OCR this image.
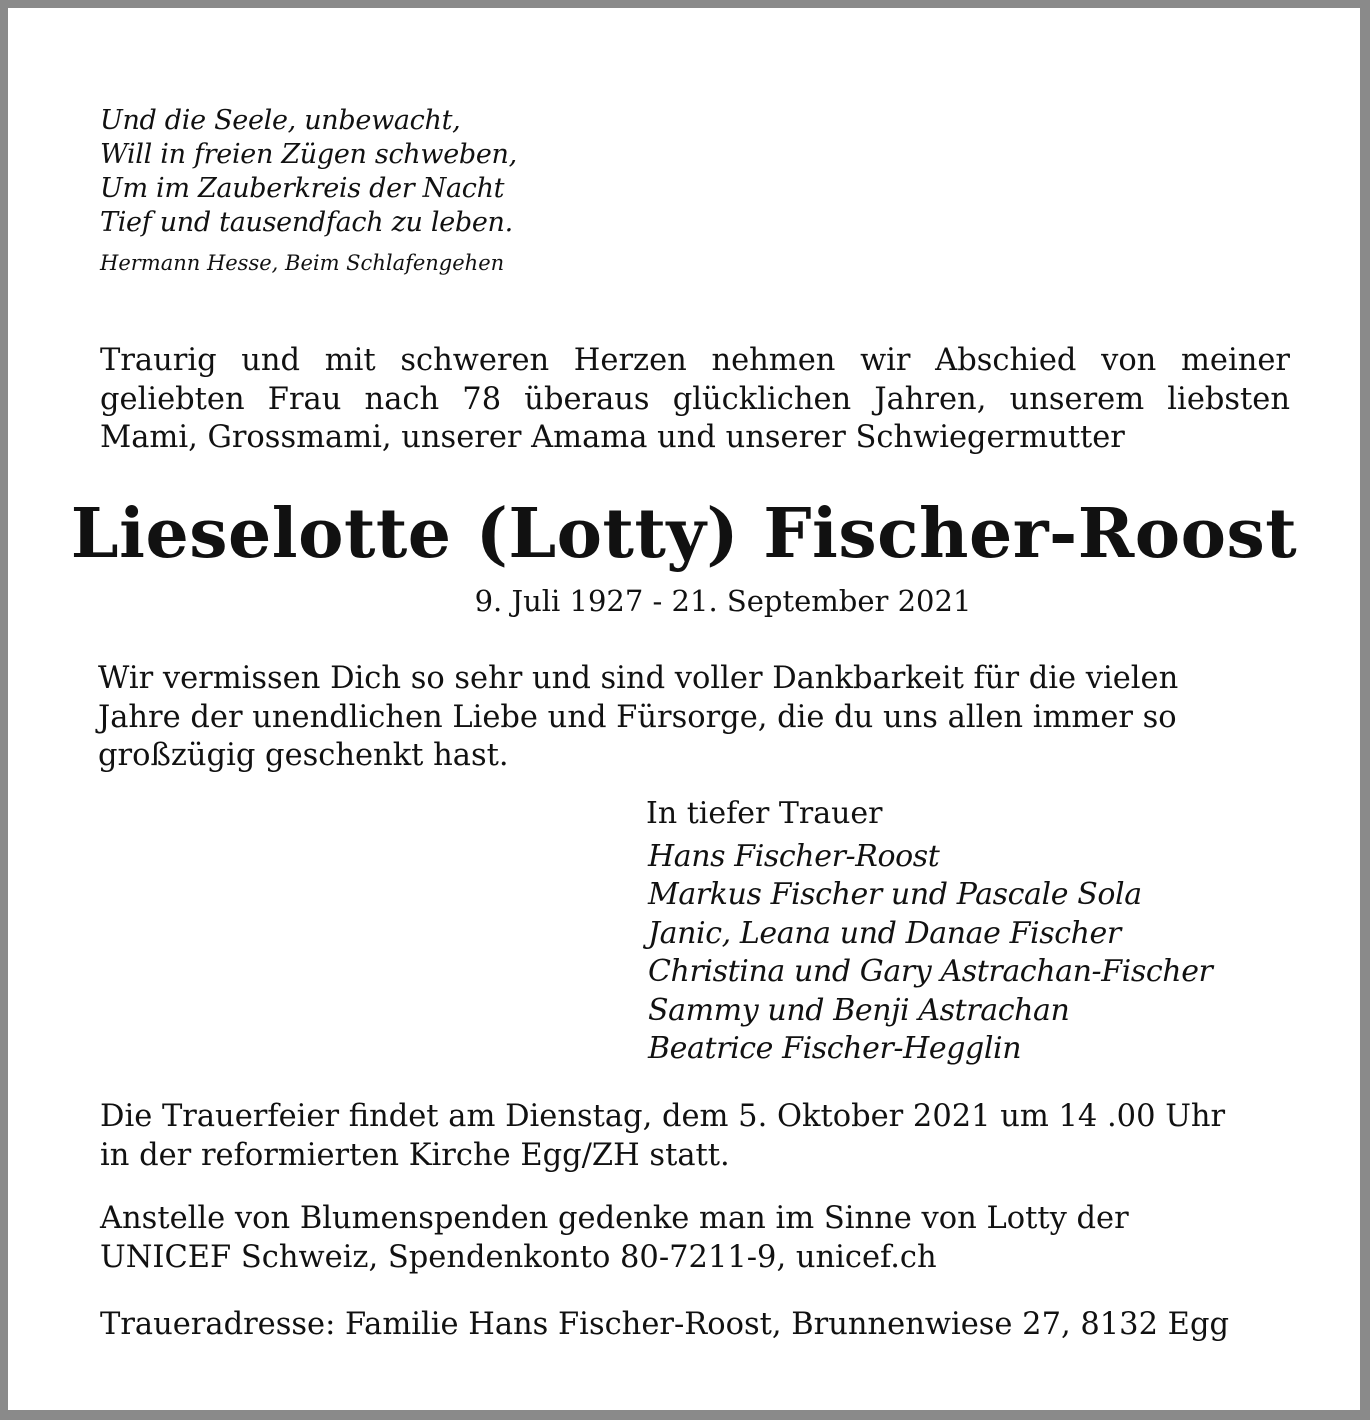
Und die Seele, unbewacht,
Will in freien Zügen schweben,
Um im Zauberkreis der Nacht
Tief und tausendfach zu leben.
Hermann Hesse, Beim Schlafengehen
Traurig und mit schweren Herzen nehmen wir Abschied von meiner
geliebten Frau nach 78 überaus glücklichen Jahren, unserem liebsten
Mami, Grossmami, unserer Amama und unserer Schwiegermutter
Lieselotte (Lotty) Fischer-Roost
9. Juli 1927 - 21. September 2021
Wir vermissen Dich so sehr und sind voller Dankbarkeit für die vielen
Jahre der unendlichen Liebe und Fürsorge, die du uns allen immer so
großzügig geschenkt hast.
In tiefer Trauer
Hans Fischer-Roost
Markus Fischer und Pascale Sola
Janic, Leana und Danae Fischer
Christina und Gary Astrachan-Fischer
Sammy und Benji Astrachan
Beatrice Fischer-Hegglin
Die Trauerfeier findet am Dienstag, dem 5. Oktober 2021 um 14 .00 Uhr
in der reformierten Kirche Egg/ZH statt.
Anstelle von Blumenspenden gedenke man im Sinne von Lotty der
UNICEF Schweiz, Spendenkonto 80-7211-9, unicef.ch
Traueradresse: Familie Hans Fischer-Roost, Brunnenwiese 27, 8132 Egg
